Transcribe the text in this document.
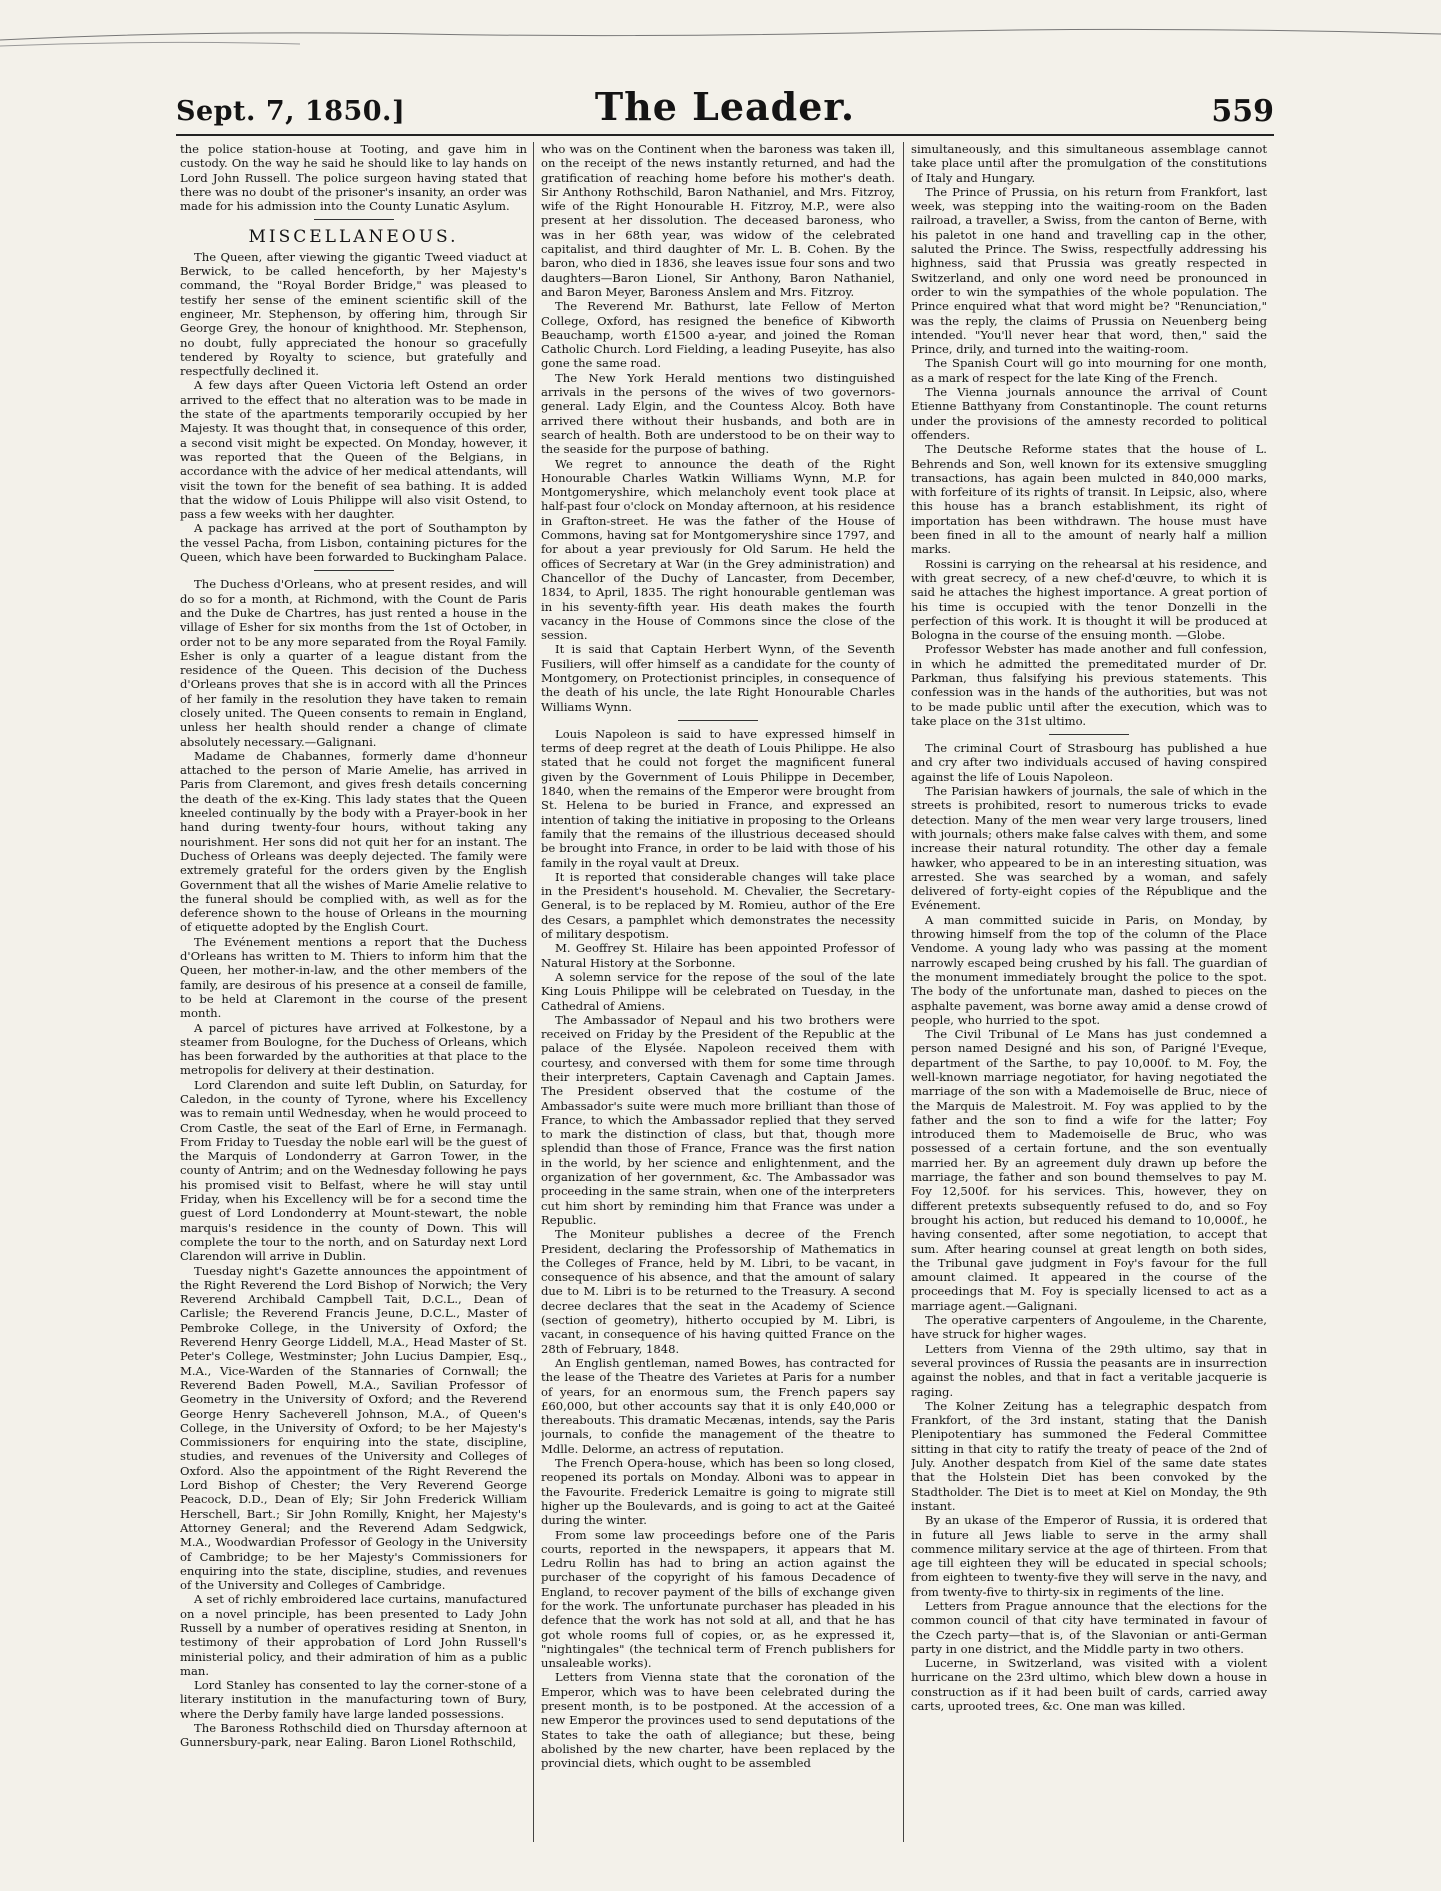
Sept. 7, 1850.]	The Leader.	559

the police station-house at Tooting, and gave him in custody. On the way he said he should like to lay hands on Lord John Russell. The police surgeon having stated that there was no doubt of the prisoner's insanity, an order was made for his admission into the County Lunatic Asylum.

MISCELLANEOUS.

The Queen, after viewing the gigantic Tweed viaduct at Berwick, to be called henceforth, by her Majesty's command, the "Royal Border Bridge," was pleased to testify her sense of the eminent scientific skill of the engineer, Mr. Stephenson, by offering him, through Sir George Grey, the honour of knighthood. Mr. Stephenson, no doubt, fully appreciated the honour so gracefully tendered by Royalty to science, but gratefully and respectfully declined it.

A few days after Queen Victoria left Ostend an order arrived to the effect that no alteration was to be made in the state of the apartments temporarily occupied by her Majesty. It was thought that, in consequence of this order, a second visit might be expected. On Monday, however, it was reported that the Queen of the Belgians, in accordance with the advice of her medical attendants, will visit the town for the benefit of sea bathing. It is added that the widow of Louis Philippe will also visit Ostend, to pass a few weeks with her daughter.

A package has arrived at the port of Southampton by the vessel Pacha, from Lisbon, containing pictures for the Queen, which have been forwarded to Buckingham Palace.

The Duchess d'Orleans, who at present resides, and will do so for a month, at Richmond, with the Count de Paris and the Duke de Chartres, has just rented a house in the village of Esher for six months from the 1st of October, in order not to be any more separated from the Royal Family. Esher is only a quarter of a league distant from the residence of the Queen. This decision of the Duchess d'Orleans proves that she is in accord with all the Princes of her family in the resolution they have taken to remain closely united. The Queen consents to remain in England, unless her health should render a change of climate absolutely necessary.—Galignani.

Madame de Chabannes, formerly dame d'honneur attached to the person of Marie Amelie, has arrived in Paris from Claremont, and gives fresh details concerning the death of the ex-King. This lady states that the Queen kneeled continually by the body with a Prayer-book in her hand during twenty-four hours, without taking any nourishment. Her sons did not quit her for an instant. The Duchess of Orleans was deeply dejected. The family were extremely grateful for the orders given by the English Government that all the wishes of Marie Amelie relative to the funeral should be complied with, as well as for the deference shown to the house of Orleans in the mourning of etiquette adopted by the English Court.

The Evénement mentions a report that the Duchess d'Orleans has written to M. Thiers to inform him that the Queen, her mother-in-law, and the other members of the family, are desirous of his presence at a conseil de famille, to be held at Claremont in the course of the present month.

A parcel of pictures have arrived at Folkestone, by a steamer from Boulogne, for the Duchess of Orleans, which has been forwarded by the authorities at that place to the metropolis for delivery at their destination.

Lord Clarendon and suite left Dublin, on Saturday, for Caledon, in the county of Tyrone, where his Excellency was to remain until Wednesday, when he would proceed to Crom Castle, the seat of the Earl of Erne, in Fermanagh. From Friday to Tuesday the noble earl will be the guest of the Marquis of Londonderry at Garron Tower, in the county of Antrim; and on the Wednesday following he pays his promised visit to Belfast, where he will stay until Friday, when his Excellency will be for a second time the guest of Lord Londonderry at Mount-stewart, the noble marquis's residence in the county of Down. This will complete the tour to the north, and on Saturday next Lord Clarendon will arrive in Dublin.

Tuesday night's Gazette announces the appointment of the Right Reverend the Lord Bishop of Norwich; the Very Reverend Archibald Campbell Tait, D.C.L., Dean of Carlisle; the Reverend Francis Jeune, D.C.L., Master of Pembroke College, in the University of Oxford; the Reverend Henry George Liddell, M.A., Head Master of St. Peter's College, Westminster; John Lucius Dampier, Esq., M.A., Vice-Warden of the Stannaries of Cornwall; the Reverend Baden Powell, M.A., Savilian Professor of Geometry in the University of Oxford; and the Reverend George Henry Sacheverell Johnson, M.A., of Queen's College, in the University of Oxford; to be her Majesty's Commissioners for enquiring into the state, discipline, studies, and revenues of the University and Colleges of Oxford. Also the appointment of the Right Reverend the Lord Bishop of Chester; the Very Reverend George Peacock, D.D., Dean of Ely; Sir John Frederick William Herschell, Bart.; Sir John Romilly, Knight, her Majesty's Attorney General; and the Reverend Adam Sedgwick, M.A., Woodwardian Professor of Geology in the University of Cambridge; to be her Majesty's Commissioners for enquiring into the state, discipline, studies, and revenues of the University and Colleges of Cambridge.

A set of richly embroidered lace curtains, manufactured on a novel principle, has been presented to Lady John Russell by a number of operatives residing at Snenton, in testimony of their approbation of Lord John Russell's ministerial policy, and their admiration of him as a public man.

Lord Stanley has consented to lay the corner-stone of a literary institution in the manufacturing town of Bury, where the Derby family have large landed possessions.

The Baroness Rothschild died on Thursday afternoon at Gunnersbury-park, near Ealing. Baron Lionel Rothschild,

who was on the Continent when the baroness was taken ill, on the receipt of the news instantly returned, and had the gratification of reaching home before his mother's death. Sir Anthony Rothschild, Baron Nathaniel, and Mrs. Fitzroy, wife of the Right Honourable H. Fitzroy, M.P., were also present at her dissolution. The deceased baroness, who was in her 68th year, was widow of the celebrated capitalist, and third daughter of Mr. L. B. Cohen. By the baron, who died in 1836, she leaves issue four sons and two daughters—Baron Lionel, Sir Anthony, Baron Nathaniel, and Baron Meyer, Baroness Anslem and Mrs. Fitzroy.

The Reverend Mr. Bathurst, late Fellow of Merton College, Oxford, has resigned the benefice of Kibworth Beauchamp, worth £1500 a-year, and joined the Roman Catholic Church. Lord Fielding, a leading Puseyite, has also gone the same road.

The New York Herald mentions two distinguished arrivals in the persons of the wives of two governors-general. Lady Elgin, and the Countess Alcoy. Both have arrived there without their husbands, and both are in search of health. Both are understood to be on their way to the seaside for the purpose of bathing.

We regret to announce the death of the Right Honourable Charles Watkin Williams Wynn, M.P. for Montgomeryshire, which melancholy event took place at half-past four o'clock on Monday afternoon, at his residence in Grafton-street. He was the father of the House of Commons, having sat for Montgomeryshire since 1797, and for about a year previously for Old Sarum. He held the offices of Secretary at War (in the Grey administration) and Chancellor of the Duchy of Lancaster, from December, 1834, to April, 1835. The right honourable gentleman was in his seventy-fifth year. His death makes the fourth vacancy in the House of Commons since the close of the session.

It is said that Captain Herbert Wynn, of the Seventh Fusiliers, will offer himself as a candidate for the county of Montgomery, on Protectionist principles, in consequence of the death of his uncle, the late Right Honourable Charles Williams Wynn.

Louis Napoleon is said to have expressed himself in terms of deep regret at the death of Louis Philippe. He also stated that he could not forget the magnificent funeral given by the Government of Louis Philippe in December, 1840, when the remains of the Emperor were brought from St. Helena to be buried in France, and expressed an intention of taking the initiative in proposing to the Orleans family that the remains of the illustrious deceased should be brought into France, in order to be laid with those of his family in the royal vault at Dreux.

It is reported that considerable changes will take place in the President's household. M. Chevalier, the Secretary-General, is to be replaced by M. Romieu, author of the Ere des Cesars, a pamphlet which demonstrates the necessity of military despotism.

M. Geoffrey St. Hilaire has been appointed Professor of Natural History at the Sorbonne.

A solemn service for the repose of the soul of the late King Louis Philippe will be celebrated on Tuesday, in the Cathedral of Amiens.

The Ambassador of Nepaul and his two brothers were received on Friday by the President of the Republic at the palace of the Elysée. Napoleon received them with courtesy, and conversed with them for some time through their interpreters, Captain Cavenagh and Captain James. The President observed that the costume of the Ambassador's suite were much more brilliant than those of France, to which the Ambassador replied that they served to mark the distinction of class, but that, though more splendid than those of France, France was the first nation in the world, by her science and enlightenment, and the organization of her government, &c. The Ambassador was proceeding in the same strain, when one of the interpreters cut him short by reminding him that France was under a Republic.

The Moniteur publishes a decree of the French President, declaring the Professorship of Mathematics in the Colleges of France, held by M. Libri, to be vacant, in consequence of his absence, and that the amount of salary due to M. Libri is to be returned to the Treasury. A second decree declares that the seat in the Academy of Science (section of geometry), hitherto occupied by M. Libri, is vacant, in consequence of his having quitted France on the 28th of February, 1848.

An English gentleman, named Bowes, has contracted for the lease of the Theatre des Varietes at Paris for a number of years, for an enormous sum, the French papers say £60,000, but other accounts say that it is only £40,000 or thereabouts. This dramatic Mecænas, intends, say the Paris journals, to confide the management of the theatre to Mdlle. Delorme, an actress of reputation.

The French Opera-house, which has been so long closed, reopened its portals on Monday. Alboni was to appear in the Favourite. Frederick Lemaitre is going to migrate still higher up the Boulevards, and is going to act at the Gaiteé during the winter.

From some law proceedings before one of the Paris courts, reported in the newspapers, it appears that M. Ledru Rollin has had to bring an action against the purchaser of the copyright of his famous Decadence of England, to recover payment of the bills of exchange given for the work. The unfortunate purchaser has pleaded in his defence that the work has not sold at all, and that he has got whole rooms full of copies, or, as he expressed it, "nightingales" (the technical term of French publishers for unsaleable works).

Letters from Vienna state that the coronation of the Emperor, which was to have been celebrated during the present month, is to be postponed. At the accession of a new Emperor the provinces used to send deputations of the States to take the oath of allegiance; but these, being abolished by the new charter, have been replaced by the provincial diets, which ought to be assembled

simultaneously, and this simultaneous assemblage cannot take place until after the promulgation of the constitutions of Italy and Hungary.

The Prince of Prussia, on his return from Frankfort, last week, was stepping into the waiting-room on the Baden railroad, a traveller, a Swiss, from the canton of Berne, with his paletot in one hand and travelling cap in the other, saluted the Prince. The Swiss, respectfully addressing his highness, said that Prussia was greatly respected in Switzerland, and only one word need be pronounced in order to win the sympathies of the whole population. The Prince enquired what that word might be? "Renunciation," was the reply, the claims of Prussia on Neuenberg being intended. "You'll never hear that word, then," said the Prince, drily, and turned into the waiting-room.

The Spanish Court will go into mourning for one month, as a mark of respect for the late King of the French.

The Vienna journals announce the arrival of Count Etienne Batthyany from Constantinople. The count returns under the provisions of the amnesty recorded to political offenders.

The Deutsche Reforme states that the house of L. Behrends and Son, well known for its extensive smuggling transactions, has again been mulcted in 840,000 marks, with forfeiture of its rights of transit. In Leipsic, also, where this house has a branch establishment, its right of importation has been withdrawn. The house must have been fined in all to the amount of nearly half a million marks.

Rossini is carrying on the rehearsal at his residence, and with great secrecy, of a new chef-d'œuvre, to which it is said he attaches the highest importance. A great portion of his time is occupied with the tenor Donzelli in the perfection of this work. It is thought it will be produced at Bologna in the course of the ensuing month. —Globe.

Professor Webster has made another and full confession, in which he admitted the premeditated murder of Dr. Parkman, thus falsifying his previous statements. This confession was in the hands of the authorities, but was not to be made public until after the execution, which was to take place on the 31st ultimo.

The criminal Court of Strasbourg has published a hue and cry after two individuals accused of having conspired against the life of Louis Napoleon.

The Parisian hawkers of journals, the sale of which in the streets is prohibited, resort to numerous tricks to evade detection. Many of the men wear very large trousers, lined with journals; others make false calves with them, and some increase their natural rotundity. The other day a female hawker, who appeared to be in an interesting situation, was arrested. She was searched by a woman, and safely delivered of forty-eight copies of the République and the Evénement.

A man committed suicide in Paris, on Monday, by throwing himself from the top of the column of the Place Vendome. A young lady who was passing at the moment narrowly escaped being crushed by his fall. The guardian of the monument immediately brought the police to the spot. The body of the unfortunate man, dashed to pieces on the asphalte pavement, was borne away amid a dense crowd of people, who hurried to the spot.

The Civil Tribunal of Le Mans has just condemned a person named Designé and his son, of Parigné l'Eveque, department of the Sarthe, to pay 10,000f. to M. Foy, the well-known marriage negotiator, for having negotiated the marriage of the son with a Mademoiselle de Bruc, niece of the Marquis de Malestroit. M. Foy was applied to by the father and the son to find a wife for the latter; Foy introduced them to Mademoiselle de Bruc, who was possessed of a certain fortune, and the son eventually married her. By an agreement duly drawn up before the marriage, the father and son bound themselves to pay M. Foy 12,500f. for his services. This, however, they on different pretexts subsequently refused to do, and so Foy brought his action, but reduced his demand to 10,000f., he having consented, after some negotiation, to accept that sum. After hearing counsel at great length on both sides, the Tribunal gave judgment in Foy's favour for the full amount claimed. It appeared in the course of the proceedings that M. Foy is specially licensed to act as a marriage agent.—Galignani.

The operative carpenters of Angouleme, in the Charente, have struck for higher wages.

Letters from Vienna of the 29th ultimo, say that in several provinces of Russia the peasants are in insurrection against the nobles, and that in fact a veritable jacquerie is raging.

The Kolner Zeitung has a telegraphic despatch from Frankfort, of the 3rd instant, stating that the Danish Plenipotentiary has summoned the Federal Committee sitting in that city to ratify the treaty of peace of the 2nd of July. Another despatch from Kiel of the same date states that the Holstein Diet has been convoked by the Stadtholder. The Diet is to meet at Kiel on Monday, the 9th instant.

By an ukase of the Emperor of Russia, it is ordered that in future all Jews liable to serve in the army shall commence military service at the age of thirteen. From that age till eighteen they will be educated in special schools; from eighteen to twenty-five they will serve in the navy, and from twenty-five to thirty-six in regiments of the line.

Letters from Prague announce that the elections for the common council of that city have terminated in favour of the Czech party—that is, of the Slavonian or anti-German party in one district, and the Middle party in two others.

Lucerne, in Switzerland, was visited with a violent hurricane on the 23rd ultimo, which blew down a house in construction as if it had been built of cards, carried away carts, uprooted trees, &c. One man was killed.
